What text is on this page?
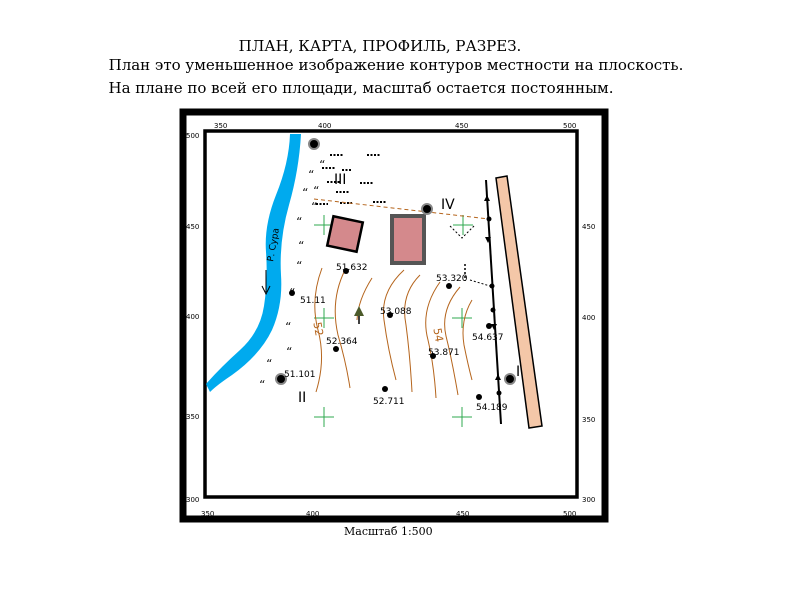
ПЛАН, КАРТА, ПРОФИЛЬ, РАЗРЕЗ.
План это уменьшенное изображение контуров местности на плоскость.
На плане по всей его площади, масштаб остается постоянным.
350	400	450	500
350	400	450	500
500
450
400
350
300
450
400
350
300
Р. Сура
“
“
“ “
“
“
“
“
“
“
“
“
52	54
I
II
III
IV
51.632
53.320
51.11
53.088
54.637
52.364
53.871
51.101
52.711
54.189
Масштаб 1:500
